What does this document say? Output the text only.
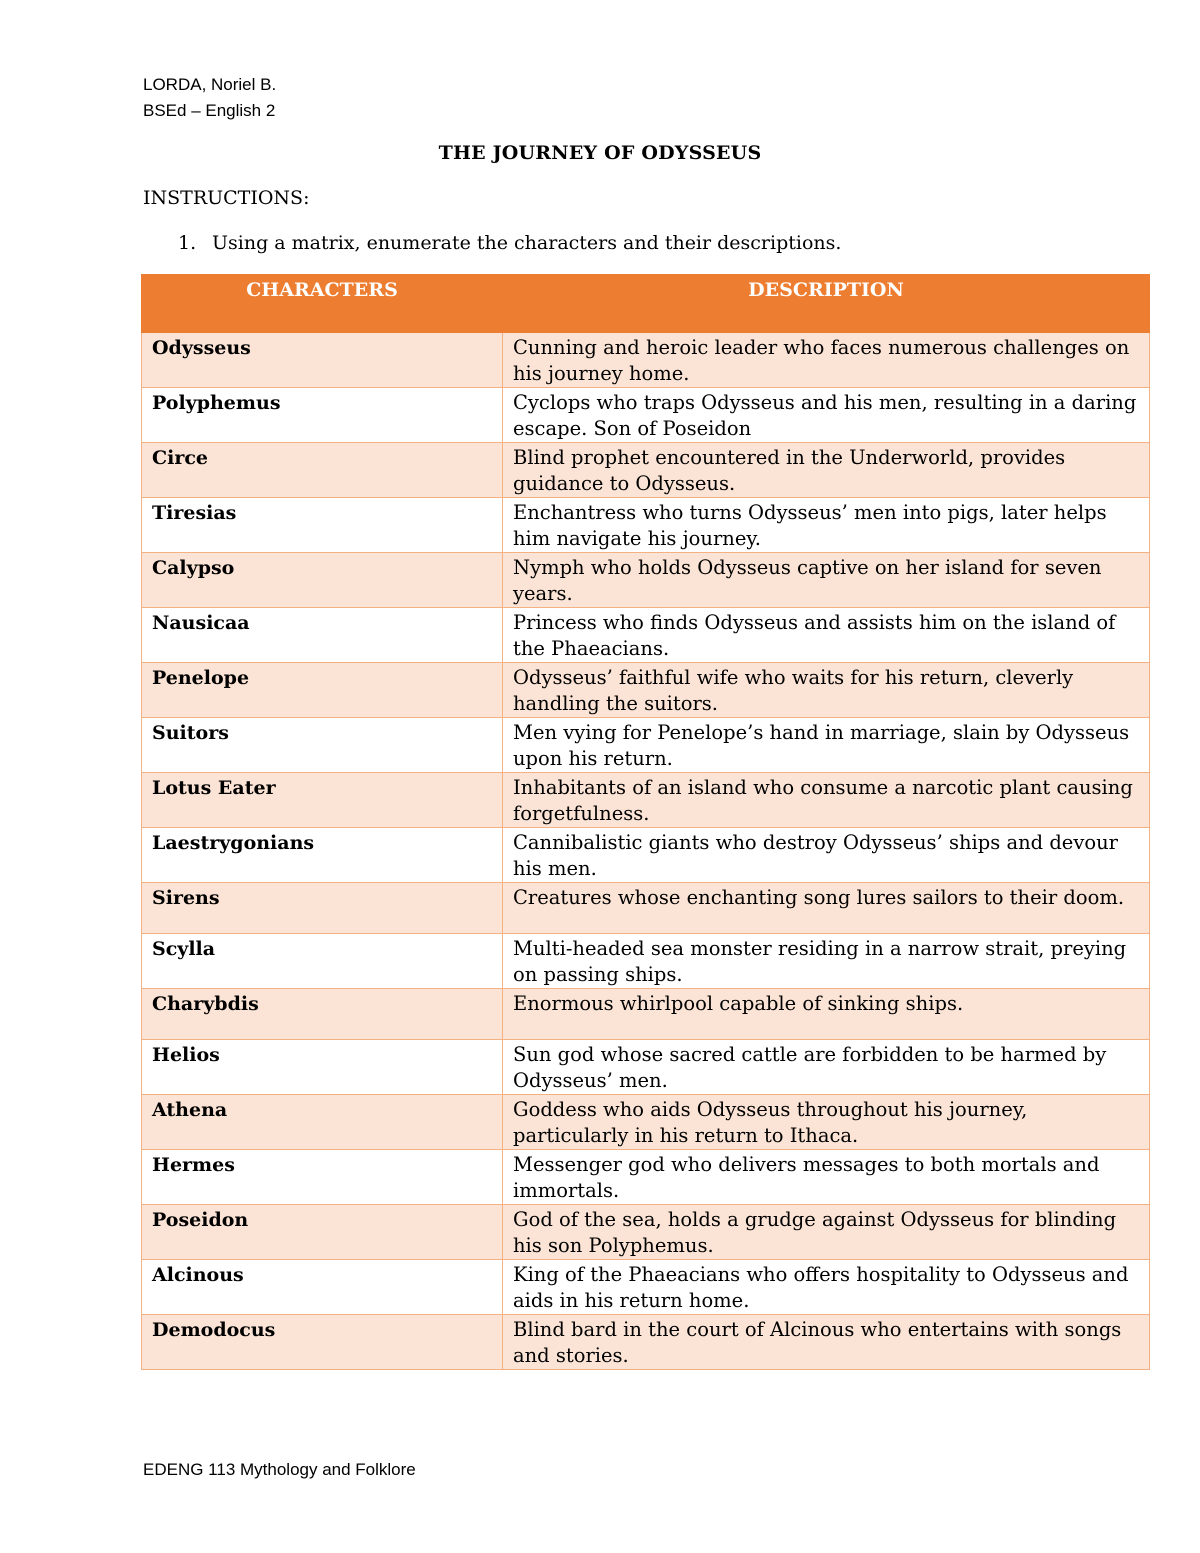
LORDA, Noriel B.
BSEd – English 2
THE JOURNEY OF ODYSSEUS
INSTRUCTIONS:
1. Using a matrix, enumerate the characters and their descriptions.
CHARACTERS	DESCRIPTION
Odysseus	Cunning and heroic leader who faces numerous challenges on his journey home.
Polyphemus	Cyclops who traps Odysseus and his men, resulting in a daring escape. Son of Poseidon
Circe	Blind prophet encountered in the Underworld, provides guidance to Odysseus.
Tiresias	Enchantress who turns Odysseus’ men into pigs, later helps him navigate his journey.
Calypso	Nymph who holds Odysseus captive on her island for seven years.
Nausicaa	Princess who finds Odysseus and assists him on the island of the Phaeacians.
Penelope	Odysseus’ faithful wife who waits for his return, cleverly handling the suitors.
Suitors	Men vying for Penelope’s hand in marriage, slain by Odysseus upon his return.
Lotus Eater	Inhabitants of an island who consume a narcotic plant causing forgetfulness.
Laestrygonians	Cannibalistic giants who destroy Odysseus’ ships and devour his men.
Sirens	Creatures whose enchanting song lures sailors to their doom.
Scylla	Multi-headed sea monster residing in a narrow strait, preying on passing ships.
Charybdis	Enormous whirlpool capable of sinking ships.
Helios	Sun god whose sacred cattle are forbidden to be harmed by Odysseus’ men.
Athena	Goddess who aids Odysseus throughout his journey, particularly in his return to Ithaca.
Hermes	Messenger god who delivers messages to both mortals and immortals.
Poseidon	God of the sea, holds a grudge against Odysseus for blinding his son Polyphemus.
Alcinous	King of the Phaeacians who offers hospitality to Odysseus and aids in his return home.
Demodocus	Blind bard in the court of Alcinous who entertains with songs and stories.
EDENG 113 Mythology and Folklore
